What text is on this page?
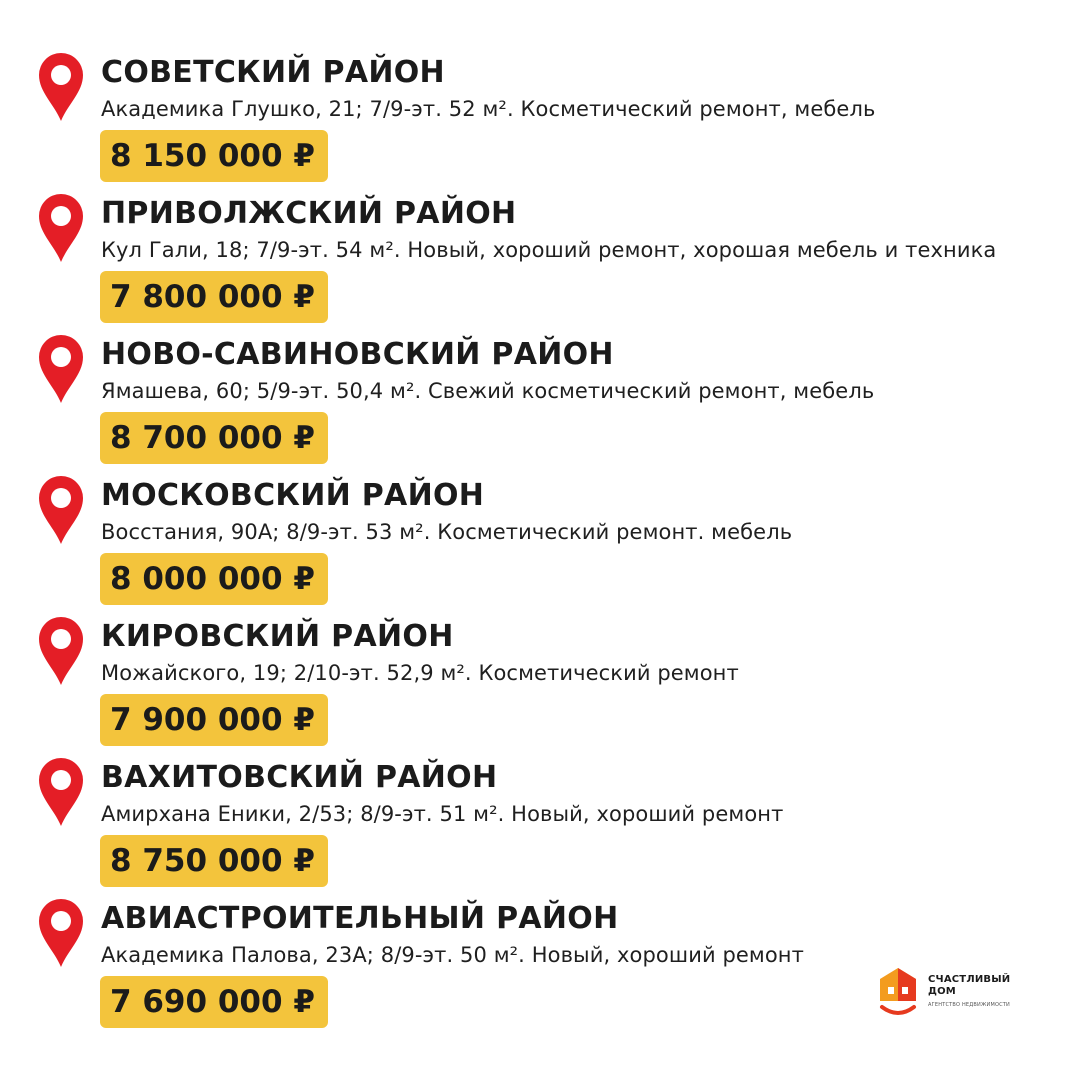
СОВЕТСКИЙ РАЙОН
Академика Глушко, 21; 7/9-эт. 52 м². Косметический ремонт, мебель
8 150 000 ₽
ПРИВОЛЖСКИЙ РАЙОН
Кул Гали, 18; 7/9-эт. 54 м². Новый, хороший ремонт, хорошая мебель и техника
7 800 000 ₽
НОВО-САВИНОВСКИЙ РАЙОН
Ямашева, 60; 5/9-эт. 50,4 м². Свежий косметический ремонт, мебель
8 700 000 ₽
МОСКОВСКИЙ РАЙОН
Восстания, 90А; 8/9-эт. 53 м². Косметический ремонт. мебель
8 000 000 ₽
КИРОВСКИЙ РАЙОН
Можайского, 19; 2/10-эт. 52,9 м². Косметический ремонт
7 900 000 ₽
ВАХИТОВСКИЙ РАЙОН
Амирхана Еники, 2/53; 8/9-эт. 51 м². Новый, хороший ремонт
8 750 000 ₽
АВИАСТРОИТЕЛЬНЫЙ РАЙОН
Академика Палова, 23А; 8/9-эт. 50 м². Новый, хороший ремонт
7 690 000 ₽
СЧАСТЛИВЫЙ ДОМ
АГЕНТСТВО НЕДВИЖИМОСТИ
